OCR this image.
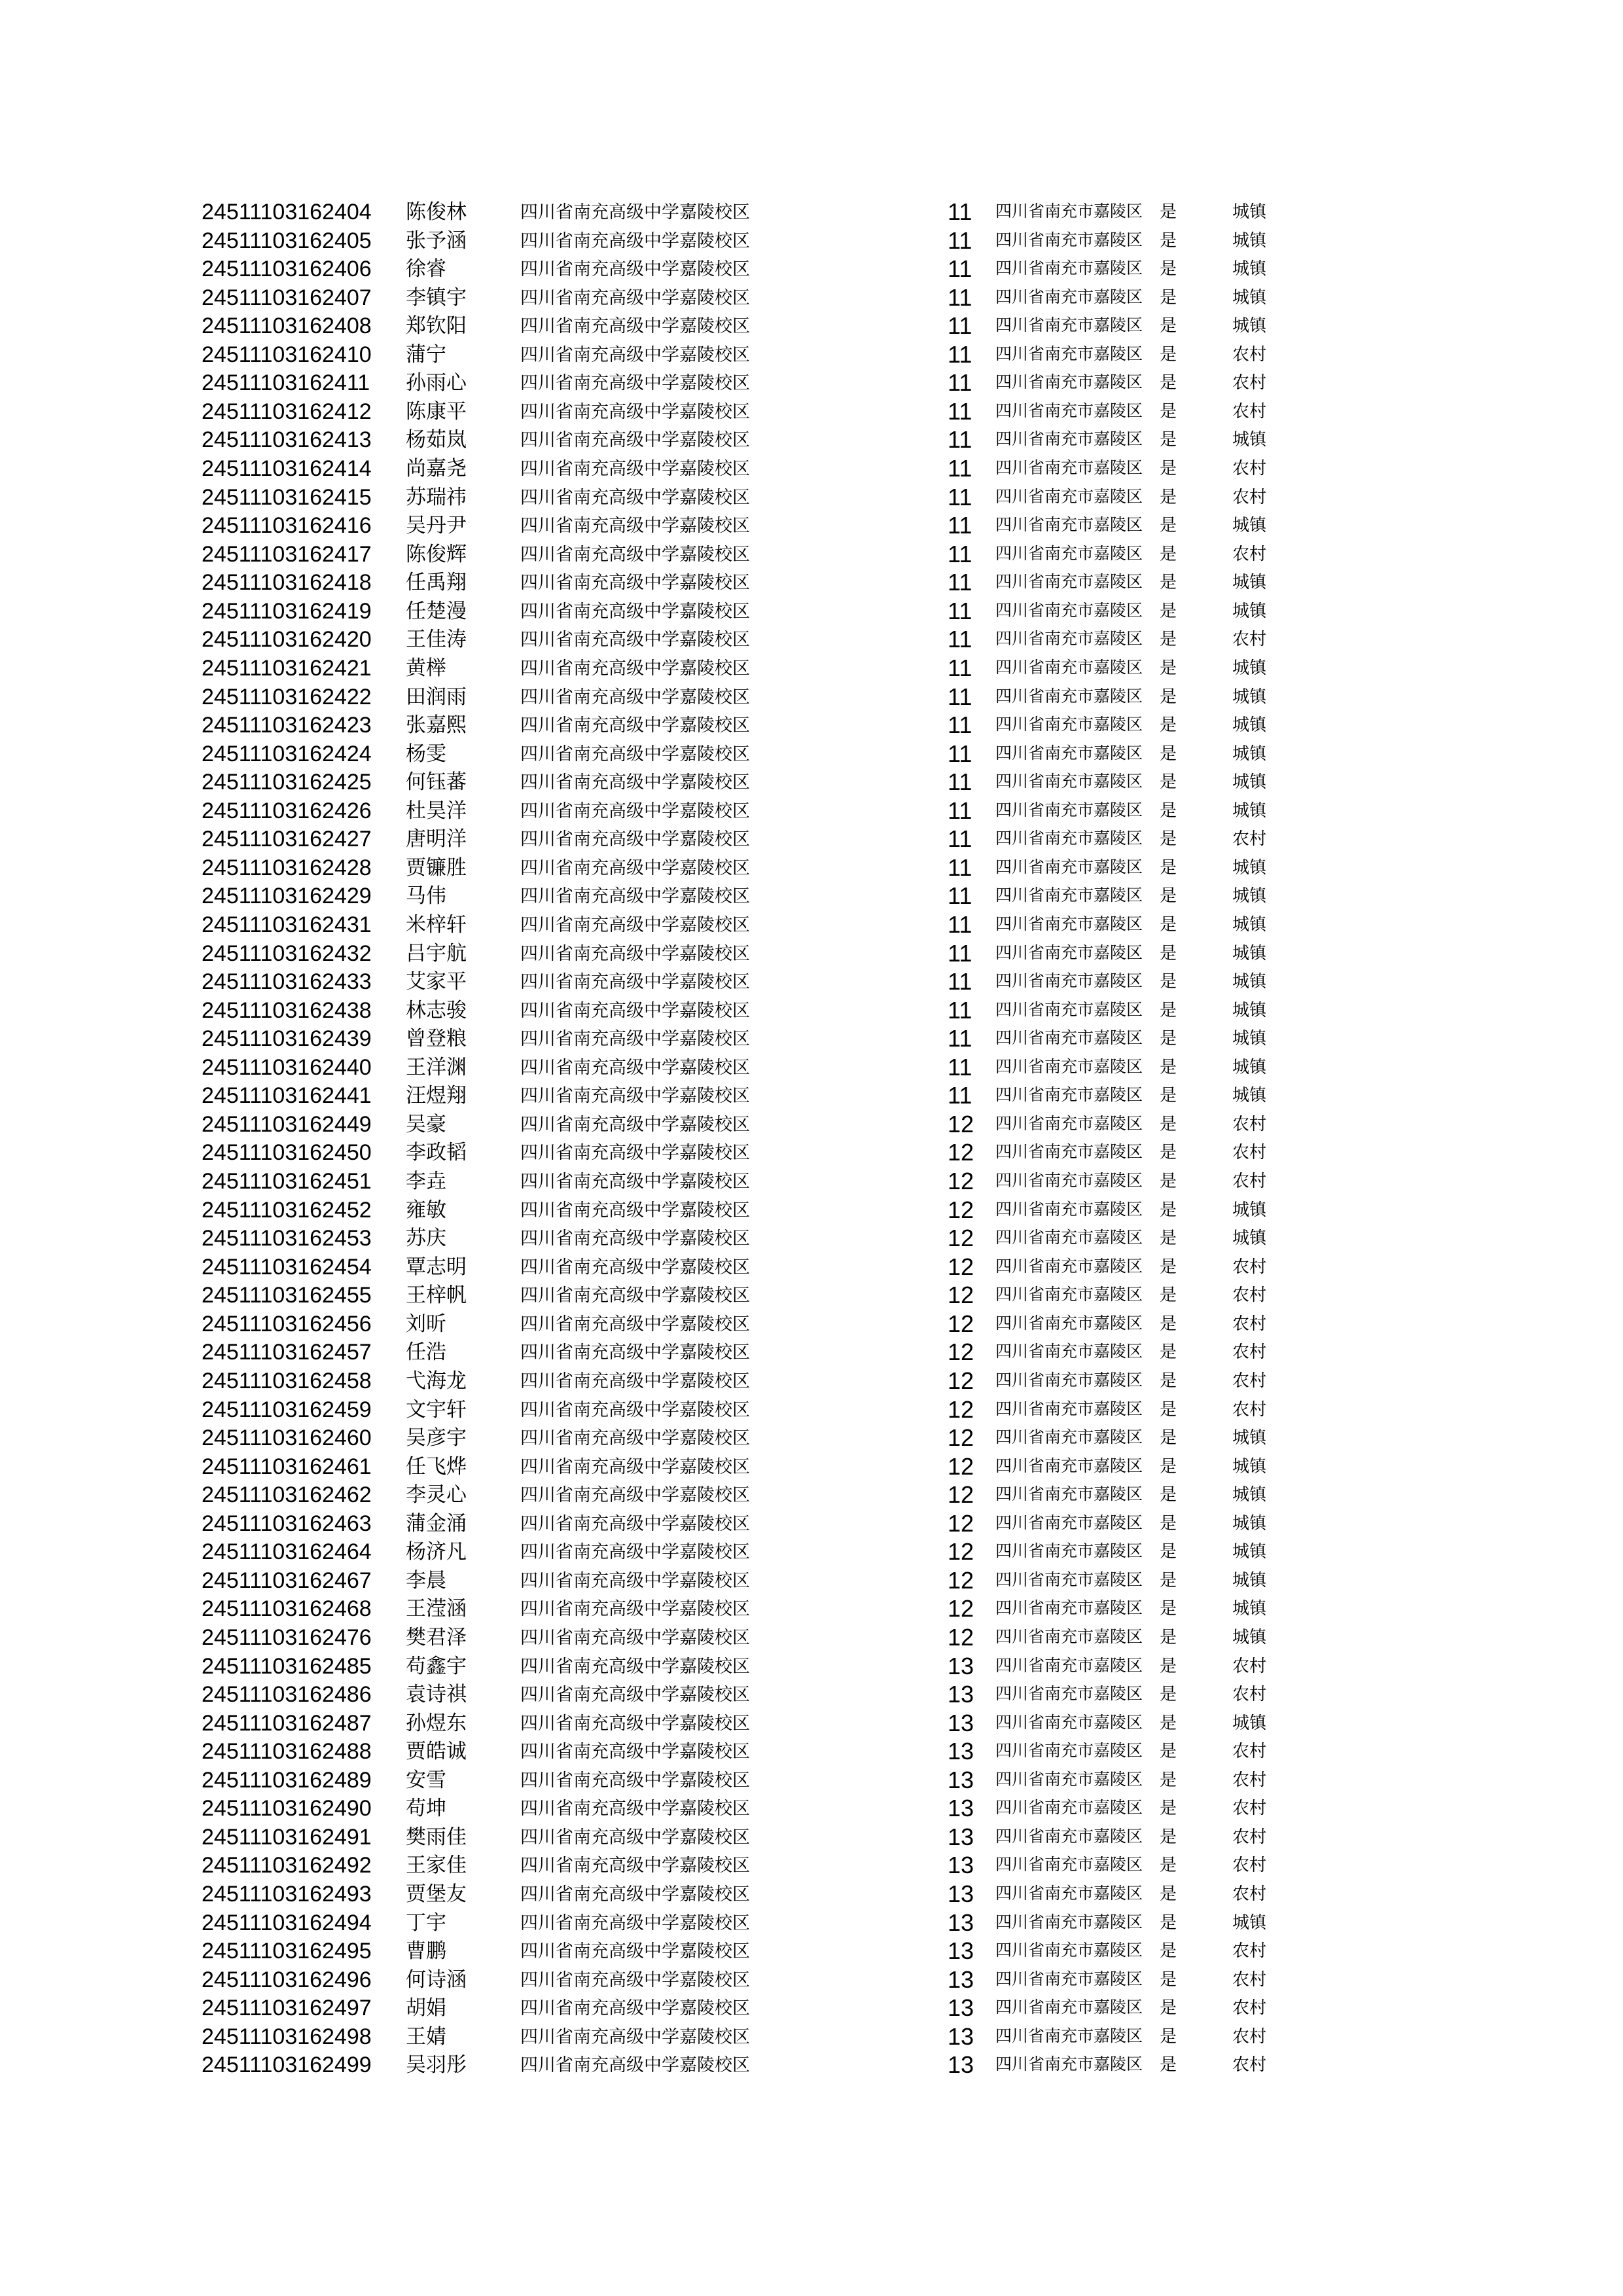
24511103162404 陈俊林	四川省南充高级中学嘉陵校区	11 四川省南充市嘉陵区 是	城镇
24511103162405 张予涵	四川省南充高级中学嘉陵校区	11 四川省南充市嘉陵区 是	城镇
24511103162406 徐睿	四川省南充高级中学嘉陵校区	11 四川省南充市嘉陵区 是	城镇
24511103162407 李镇宇	四川省南充高级中学嘉陵校区	11 四川省南充市嘉陵区 是	城镇
24511103162408 郑钦阳	四川省南充高级中学嘉陵校区	11 四川省南充市嘉陵区 是	城镇
24511103162410 蒲宁	四川省南充高级中学嘉陵校区	11 四川省南充市嘉陵区 是	农村
24511103162411 孙雨心	四川省南充高级中学嘉陵校区	11 四川省南充市嘉陵区 是	农村
24511103162412 陈康平	四川省南充高级中学嘉陵校区	11 四川省南充市嘉陵区 是	农村
24511103162413 杨茹岚	四川省南充高级中学嘉陵校区	11 四川省南充市嘉陵区 是	城镇
24511103162414 尚嘉尧	四川省南充高级中学嘉陵校区	11 四川省南充市嘉陵区 是	农村
24511103162415 苏瑞祎	四川省南充高级中学嘉陵校区	11 四川省南充市嘉陵区 是	农村
24511103162416 吴丹尹	四川省南充高级中学嘉陵校区	11 四川省南充市嘉陵区 是	城镇
24511103162417 陈俊辉	四川省南充高级中学嘉陵校区	11 四川省南充市嘉陵区 是	农村
24511103162418 任禹翔	四川省南充高级中学嘉陵校区	11 四川省南充市嘉陵区 是	城镇
24511103162419 任楚漫	四川省南充高级中学嘉陵校区	11 四川省南充市嘉陵区 是	城镇
24511103162420 王佳涛	四川省南充高级中学嘉陵校区	11 四川省南充市嘉陵区 是	农村
24511103162421 黄榉	四川省南充高级中学嘉陵校区	11 四川省南充市嘉陵区 是	城镇
24511103162422 田润雨	四川省南充高级中学嘉陵校区	11 四川省南充市嘉陵区 是	城镇
24511103162423 张嘉熙	四川省南充高级中学嘉陵校区	11 四川省南充市嘉陵区 是	城镇
24511103162424 杨雯	四川省南充高级中学嘉陵校区	11 四川省南充市嘉陵区 是	城镇
24511103162425 何钰蕃	四川省南充高级中学嘉陵校区	11 四川省南充市嘉陵区 是	城镇
24511103162426 杜昊洋	四川省南充高级中学嘉陵校区	11 四川省南充市嘉陵区 是	城镇
24511103162427 唐明洋	四川省南充高级中学嘉陵校区	11 四川省南充市嘉陵区 是	农村
24511103162428 贾镰胜	四川省南充高级中学嘉陵校区	11 四川省南充市嘉陵区 是	城镇
24511103162429 马伟	四川省南充高级中学嘉陵校区	11 四川省南充市嘉陵区 是	城镇
24511103162431 米梓轩	四川省南充高级中学嘉陵校区	11 四川省南充市嘉陵区 是	城镇
24511103162432 吕宇航	四川省南充高级中学嘉陵校区	11 四川省南充市嘉陵区 是	城镇
24511103162433 艾家平	四川省南充高级中学嘉陵校区	11 四川省南充市嘉陵区 是	城镇
24511103162438 林志骏	四川省南充高级中学嘉陵校区	11 四川省南充市嘉陵区 是	城镇
24511103162439 曾登粮	四川省南充高级中学嘉陵校区	11 四川省南充市嘉陵区 是	城镇
24511103162440 王洋渊	四川省南充高级中学嘉陵校区	11 四川省南充市嘉陵区 是	城镇
24511103162441 汪煜翔	四川省南充高级中学嘉陵校区	11 四川省南充市嘉陵区 是	城镇
24511103162449 吴豪	四川省南充高级中学嘉陵校区	12 四川省南充市嘉陵区 是	农村
24511103162450 李政韬	四川省南充高级中学嘉陵校区	12 四川省南充市嘉陵区 是	农村
24511103162451 李垚	四川省南充高级中学嘉陵校区	12 四川省南充市嘉陵区 是	农村
24511103162452 雍敏	四川省南充高级中学嘉陵校区	12 四川省南充市嘉陵区 是	城镇
24511103162453 苏庆	四川省南充高级中学嘉陵校区	12 四川省南充市嘉陵区 是	城镇
24511103162454 覃志明	四川省南充高级中学嘉陵校区	12 四川省南充市嘉陵区 是	农村
24511103162455 王梓帆	四川省南充高级中学嘉陵校区	12 四川省南充市嘉陵区 是	农村
24511103162456 刘昕	四川省南充高级中学嘉陵校区	12 四川省南充市嘉陵区 是	农村
24511103162457 任浩	四川省南充高级中学嘉陵校区	12 四川省南充市嘉陵区 是	农村
24511103162458 弋海龙	四川省南充高级中学嘉陵校区	12 四川省南充市嘉陵区 是	农村
24511103162459 文宇轩	四川省南充高级中学嘉陵校区	12 四川省南充市嘉陵区 是	农村
24511103162460 吴彦宇	四川省南充高级中学嘉陵校区	12 四川省南充市嘉陵区 是	城镇
24511103162461 任飞烨	四川省南充高级中学嘉陵校区	12 四川省南充市嘉陵区 是	城镇
24511103162462 李灵心	四川省南充高级中学嘉陵校区	12 四川省南充市嘉陵区 是	城镇
24511103162463 蒲金涌	四川省南充高级中学嘉陵校区	12 四川省南充市嘉陵区 是	城镇
24511103162464 杨济凡	四川省南充高级中学嘉陵校区	12 四川省南充市嘉陵区 是	城镇
24511103162467 李晨	四川省南充高级中学嘉陵校区	12 四川省南充市嘉陵区 是	城镇
24511103162468 王滢涵	四川省南充高级中学嘉陵校区	12 四川省南充市嘉陵区 是	城镇
24511103162476 樊君泽	四川省南充高级中学嘉陵校区	12 四川省南充市嘉陵区 是	城镇
24511103162485 苟鑫宇	四川省南充高级中学嘉陵校区	13 四川省南充市嘉陵区 是	农村
24511103162486 袁诗祺	四川省南充高级中学嘉陵校区	13 四川省南充市嘉陵区 是	农村
24511103162487 孙煜东	四川省南充高级中学嘉陵校区	13 四川省南充市嘉陵区 是	城镇
24511103162488 贾皓诚	四川省南充高级中学嘉陵校区	13 四川省南充市嘉陵区 是	农村
24511103162489 安雪	四川省南充高级中学嘉陵校区	13 四川省南充市嘉陵区 是	农村
24511103162490 苟坤	四川省南充高级中学嘉陵校区	13 四川省南充市嘉陵区 是	农村
24511103162491 樊雨佳	四川省南充高级中学嘉陵校区	13 四川省南充市嘉陵区 是	农村
24511103162492 王家佳	四川省南充高级中学嘉陵校区	13 四川省南充市嘉陵区 是	农村
24511103162493 贾堡友	四川省南充高级中学嘉陵校区	13 四川省南充市嘉陵区 是	农村
24511103162494 丁宇	四川省南充高级中学嘉陵校区	13 四川省南充市嘉陵区 是	城镇
24511103162495 曹鹏	四川省南充高级中学嘉陵校区	13 四川省南充市嘉陵区 是	农村
24511103162496 何诗涵	四川省南充高级中学嘉陵校区	13 四川省南充市嘉陵区 是	农村
24511103162497 胡娟	四川省南充高级中学嘉陵校区	13 四川省南充市嘉陵区 是	农村
24511103162498 王婧	四川省南充高级中学嘉陵校区	13 四川省南充市嘉陵区 是	农村
24511103162499 吴羽彤	四川省南充高级中学嘉陵校区	13 四川省南充市嘉陵区 是	农村
